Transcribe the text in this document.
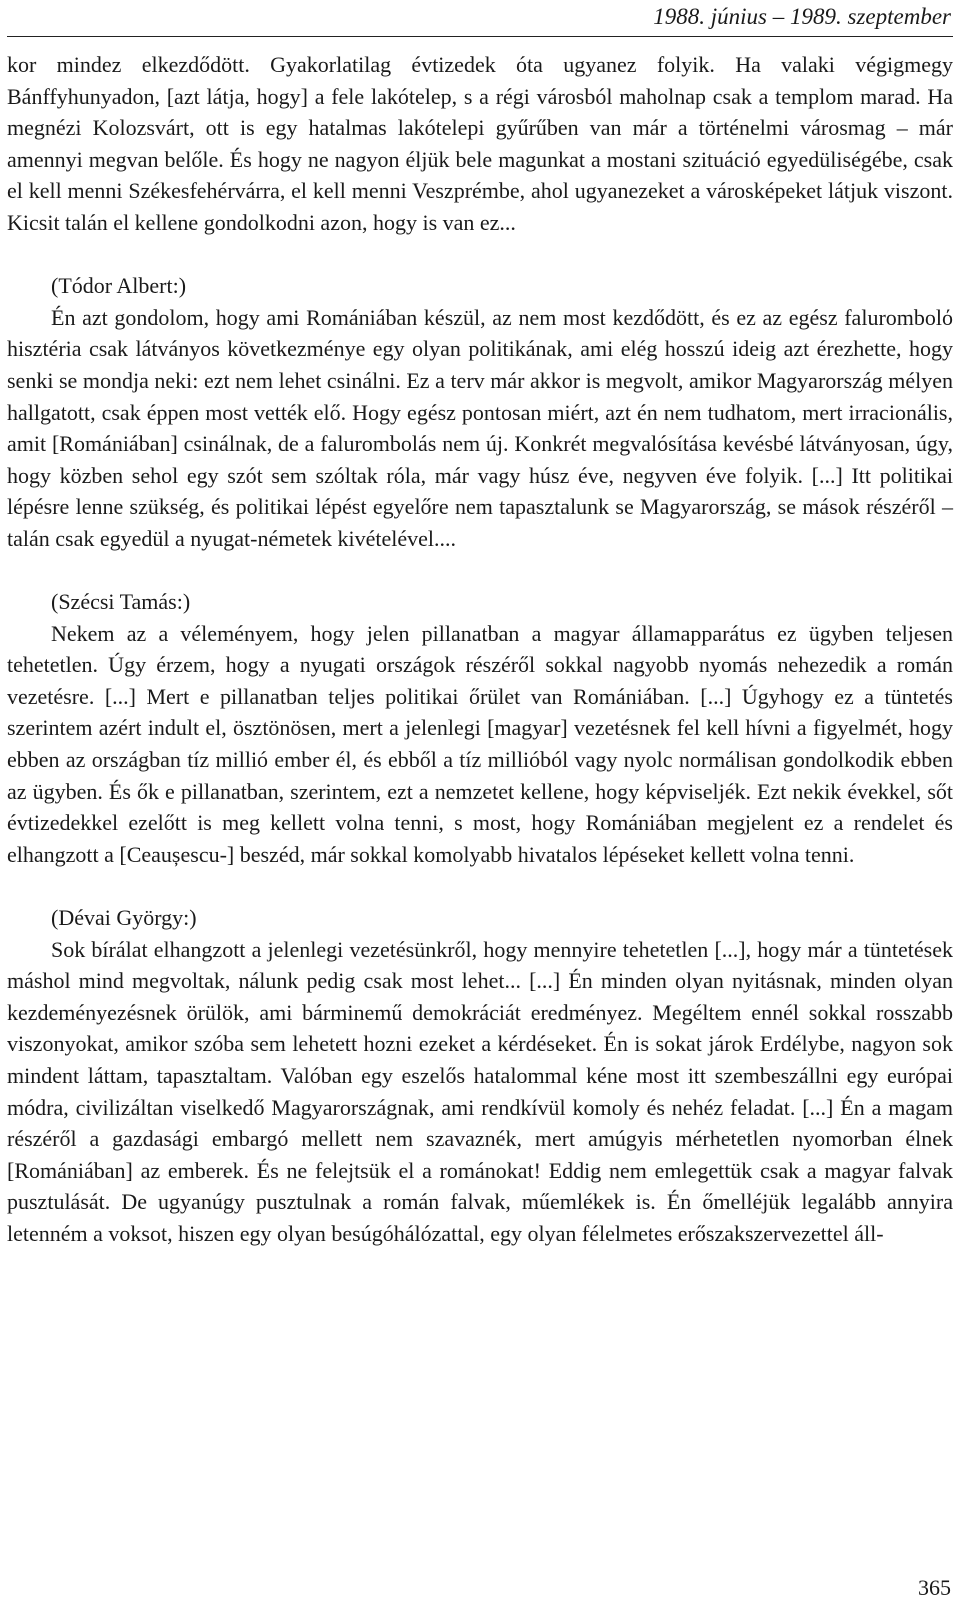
1988. június – 1989. szeptember

kor mindez elkezdődött. Gyakorlatilag évtizedek óta ugyanez folyik. Ha valaki végigmegy Bánffyhunyadon, [azt látja, hogy] a fele lakótelep, s a régi városból maholnap csak a templom marad. Ha megnézi Kolozsvárt, ott is egy hatalmas lakótelepi gyűrűben van már a történelmi városmag – már amennyi megvan belőle. És hogy ne nagyon éljük bele magunkat a mostani szituáció egyedüliségébe, csak el kell menni Székesfehérvárra, el kell menni Veszprémbe, ahol ugyanezeket a városképeket látjuk viszont. Kicsit talán el kellene gondolkodni azon, hogy is van ez...

(Tódor Albert:)

Én azt gondolom, hogy ami Romániában készül, az nem most kezdődött, és ez az egész falurombolό hisztéria csak látványos következménye egy olyan politikának, ami elég hosszú ideig azt érezhette, hogy senki se mondja neki: ezt nem lehet csinálni. Ez a terv már akkor is megvolt, amikor Magyarország mélyen hallgatott, csak éppen most vették elő. Hogy egész pontosan miért, azt én nem tudhatom, mert irracionális, amit [Romániában] csinálnak, de a falurombolás nem új. Konkrét megvalósítása kevésbé látványosan, úgy, hogy közben sehol egy szót sem szóltak róla, már vagy húsz éve, negyven éve folyik. [...] Itt politikai lépésre lenne szükség, és politikai lépést egyelőre nem tapasztalunk se Magyarország, se mások részéről – talán csak egyedül a nyugat-németek kivételével....

(Szécsi Tamás:)

Nekem az a véleményem, hogy jelen pillanatban a magyar államapparátus ez ügyben teljesen tehetetlen. Úgy érzem, hogy a nyugati országok részéről sokkal nagyobb nyomás nehezedik a román vezetésre. [...] Mert e pillanatban teljes politikai őrület van Romániában. [...] Úgyhogy ez a tüntetés szerintem azért indult el, ösztönösen, mert a jelenlegi [magyar] vezetésnek fel kell hívni a figyelmét, hogy ebben az országban tíz millió ember él, és ebből a tíz millióból vagy nyolc normálisan gondolkodik ebben az ügyben. És ők e pillanatban, szerintem, ezt a nemzetet kellene, hogy képviseljék. Ezt nekik évekkel, sőt évtizedekkel ezelőtt is meg kellett volna tenni, s most, hogy Romániában megjelent ez a rendelet és elhangzott a [Ceaușescu-] beszéd, már sokkal komolyabb hivatalos lépéseket kellett volna tenni.

(Dévai György:)

Sok bírálat elhangzott a jelenlegi vezetésünkről, hogy mennyire tehetetlen [...], hogy már a tüntetések máshol mind megvoltak, nálunk pedig csak most lehet... [...] Én minden olyan nyitásnak, minden olyan kezdeményezésnek örülök, ami bárminemű demokráciát eredményez. Megéltem ennél sokkal rosszabb viszonyokat, amikor szóba sem lehetett hozni ezeket a kérdéseket. Én is sokat járok Erdélybe, nagyon sok mindent láttam, tapasztaltam. Valóban egy eszelős hatalommal kéne most itt szembeszállni egy európai módra, civilizáltan viselkedő Magyarországnak, ami rendkívül komoly és nehéz feladat. [...] Én a magam részéről a gazdasági embargó mellett nem szavaznék, mert amúgyis mérhetetlen nyomorban élnek [Romániában] az emberek. És ne felejtsük el a románokat! Eddig nem emlegettük csak a magyar falvak pusztulását. De ugyanúgy pusztulnak a román falvak, műemlékek is. Én őmelléjük legalább annyira letenném a voksot, hiszen egy olyan besúgóhálózattal, egy olyan félelmetes erőszakszervezettel áll-

365
